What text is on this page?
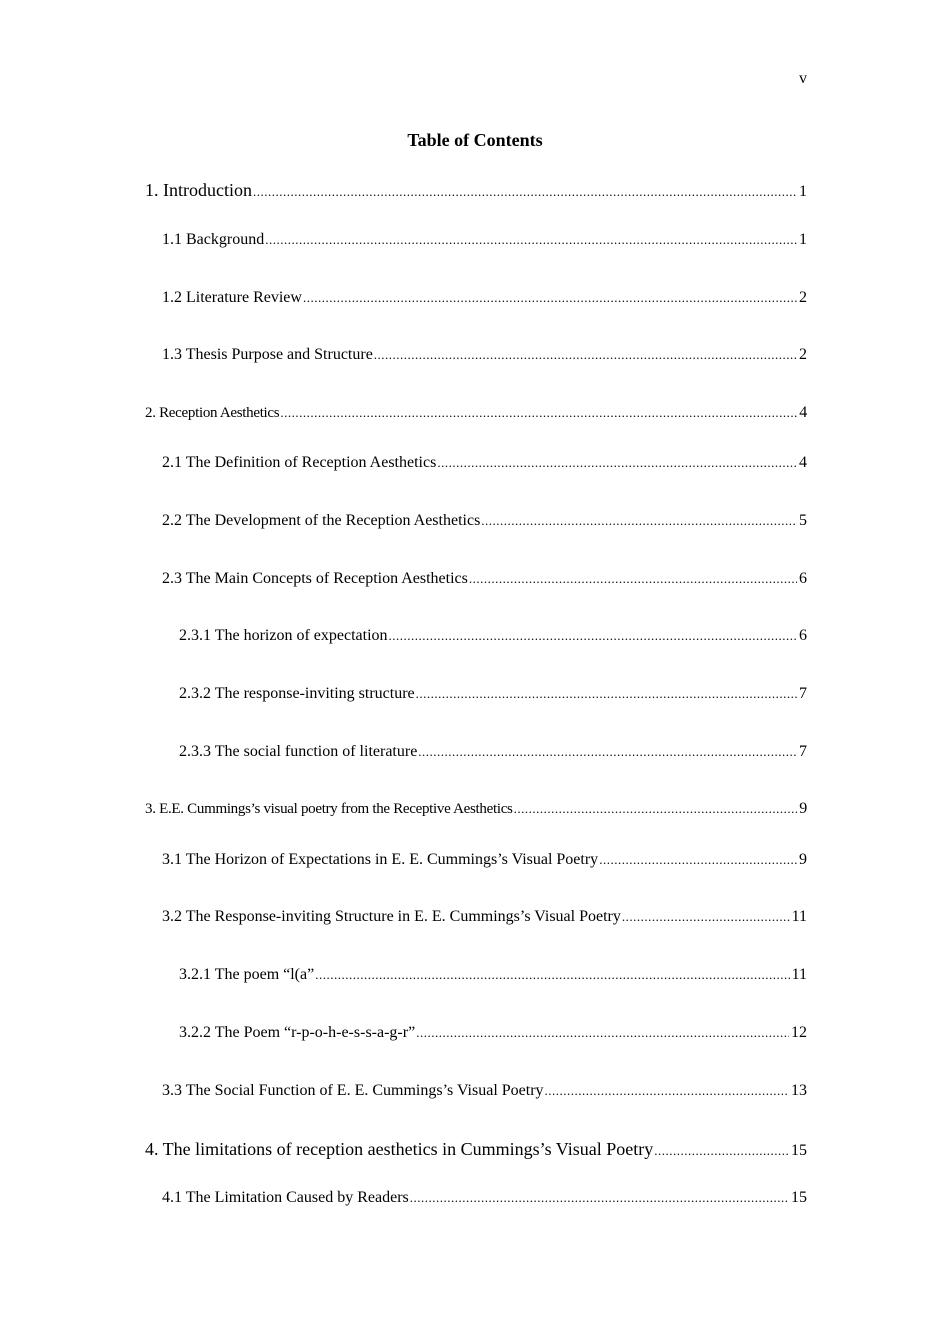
v
Table of Contents
1. Introduction .....	1
1.1 Background .....	1
1.2 Literature Review .....	2
1.3 Thesis Purpose and Structure .....	2
2. Reception Aesthetics .....	4
2.1 The Definition of Reception Aesthetics .....	4
2.2 The Development of the Reception Aesthetics .....	5
2.3 The Main Concepts of Reception Aesthetics .....	6
2.3.1 The horizon of expectation .....	6
2.3.2 The response-inviting structure .....	7
2.3.3 The social function of literature .....	7
3. E.E. Cummings’s visual poetry from the Receptive Aesthetics .....	9
3.1 The Horizon of Expectations in E. E. Cummings’s Visual Poetry .....	9
3.2 The Response-inviting Structure in E. E. Cummings’s Visual Poetry .....	11
3.2.1 The poem “l(a” .....	11
3.2.2 The Poem “r-p-o-h-e-s-s-a-g-r” .....	12
3.3 The Social Function of E. E. Cummings’s Visual Poetry .....	13
4. The limitations of reception aesthetics in Cummings’s Visual Poetry .....	15
4.1 The Limitation Caused by Readers .....	15
